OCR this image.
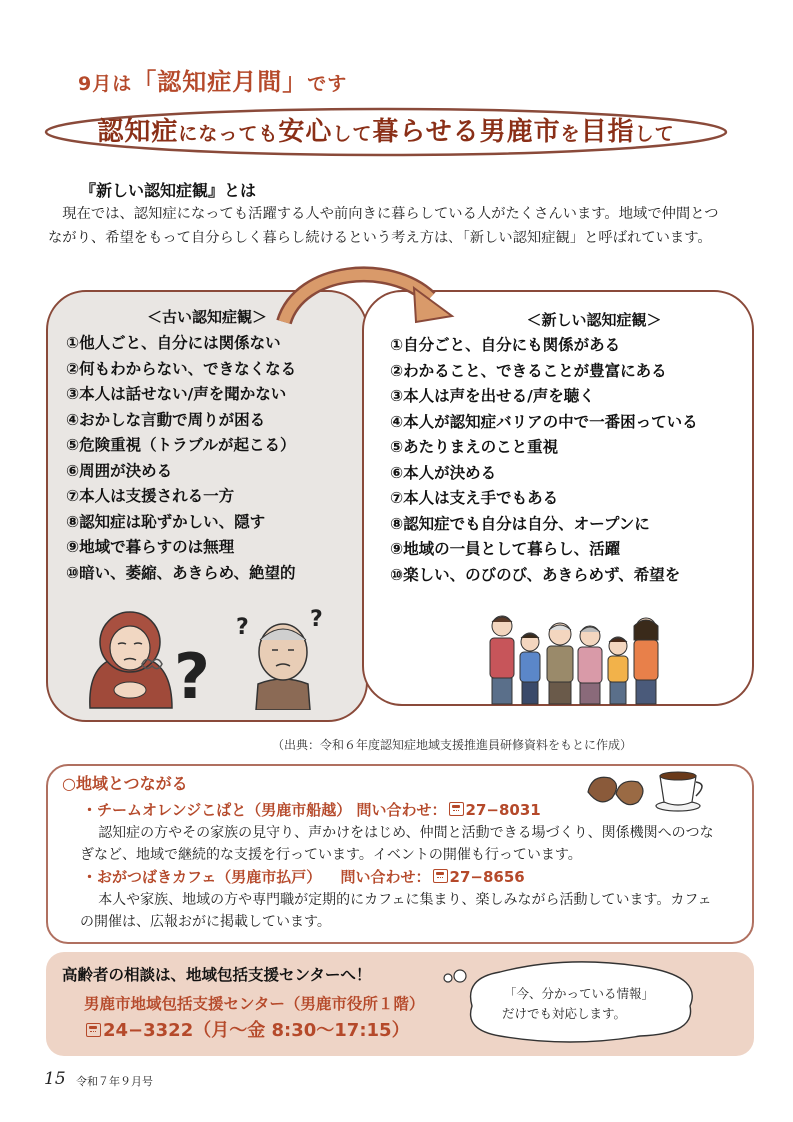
9月は「認知症月間」です
認知症になっても安心して暮らせる男鹿市を目指して
『新しい認知症観』とは
現在では、認知症になっても活躍する人や前向きに暮らしている人がたくさんいます。地域で仲間とつながり、希望をもって自分らしく暮らし続けるという考え方は､「新しい認知症観」と呼ばれています。
＜古い認知症観＞
①他人ごと、自分には関係ない
②何もわからない、できなくなる
③本人は話せない/声を聞かない
④おかしな言動で周りが困る
⑤危険重視（トラブルが起こる）
⑥周囲が決める
⑦本人は支援される一方
⑧認知症は恥ずかしい、隠す
⑨地域で暮らすのは無理
⑩暗い、萎縮、あきらめ、絶望的
＜新しい認知症観＞
①自分ごと、自分にも関係がある
②わかること、できることが豊富にある
③本人は声を出せる/声を聴く
④本人が認知症バリアの中で一番困っている
⑤あたりまえのこと重視
⑥本人が決める
⑦本人は支え手でもある
⑧認知症でも自分は自分、オープンに
⑨地域の一員として暮らし、活躍
⑩楽しい、のびのび、あきらめず、希望を
?
?	?
（出典：令和６年度認知症地域支援推進員研修資料をもとに作成）
○地域とつながる
・チームオレンジこぱと（男鹿市船越） 問い合わせ： 27−8031
認知症の方やその家族の見守り、声かけをはじめ、仲間と活動できる場づくり、関係機関へのつなぎなど、地域で継続的な支援を行っています。イベントの開催も行っています。
・おがつばきカフェ（男鹿市払戸） 問い合わせ： 27−8656
本人や家族、地域の方や専門職が定期的にカフェに集まり、楽しみながら活動しています。カフェの開催は、広報おがに掲載しています。
高齢者の相談は、地域包括支援センターへ！
男鹿市地域包括支援センター（男鹿市役所１階）
24−3322（月〜金 8:30〜17:15）
「今、分かっている情報」
だけでも対応します。
15 令和７年９月号
